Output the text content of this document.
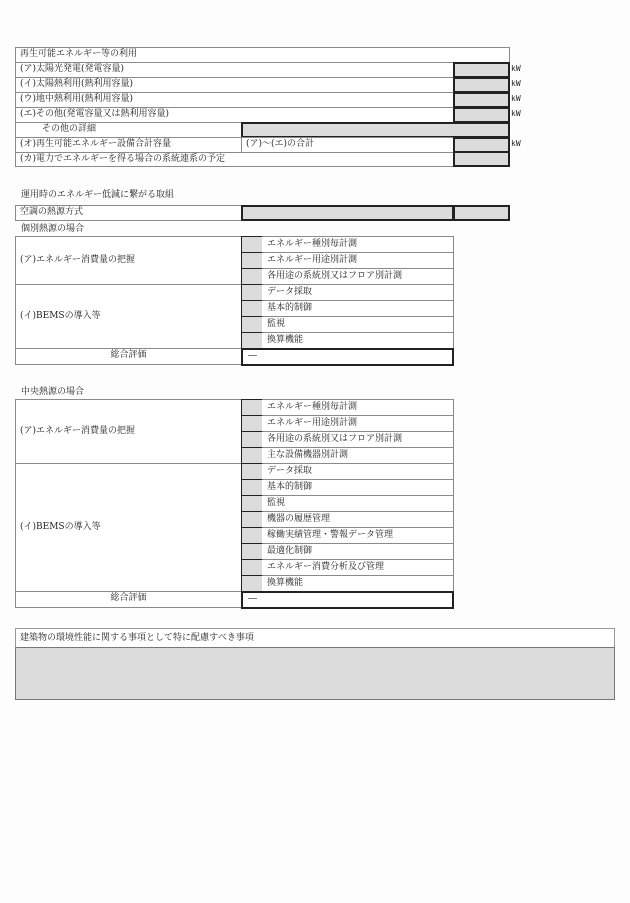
再生可能エネルギー等の利用
(ア)太陽光発電(発電容量)	kW
(イ)太陽熱利用(熱利用容量)	kW
(ウ)地中熱利用(熱利用容量)	kW
(エ)その他(発電容量又は熱利用容量)	kW
その他の詳細
(オ)再生可能エネルギー設備合計容量	(ア)～(エ)の合計	kW
(カ)電力でエネルギーを得る場合の系統連系の予定
運用時のエネルギー低減に繋がる取組
空調の熱源方式
個別熱源の場合
(ア)エネルギー消費量の把握
エネルギー種別毎計測
エネルギー用途別計測
各用途の系統別又はフロア別計測
(イ)BEMSの導入等
データ採取
基本的制御
監視
換算機能
総合評価	―
中央熱源の場合
(ア)エネルギー消費量の把握
エネルギー種別毎計測
エネルギー用途別計測
各用途の系統別又はフロア別計測
主な設備機器別計測
(イ)BEMSの導入等
データ採取
基本的制御
監視
機器の履歴管理
稼働実績管理・警報データ管理
最適化制御
エネルギー消費分析及び管理
換算機能
総合評価	―
建築物の環境性能に関する事項として特に配慮すべき事項
